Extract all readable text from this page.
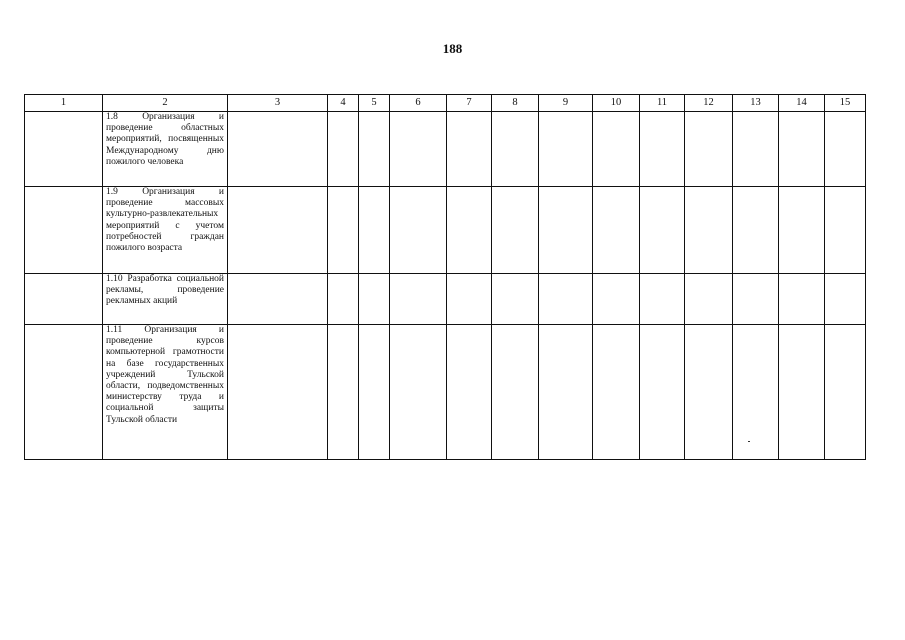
188
1	2	3	4	5	6	7	8	9	10	11	12	13	14	15
	1.8 Организация и проведение областных мероприятий, посвященных Международному дню пожилого человека													
	1.9 Организация и проведение массовых культурно-развлекательных мероприятий с учетом потребностей граждан пожилого возраста													
	1.10 Разработка социальной рекламы, проведение рекламных акций													
	1.11 Организация и проведение курсов компьютерной грамотности на базе государственных учреждений Тульской области, подведомственных министерству труда и социальной защиты Тульской области													
